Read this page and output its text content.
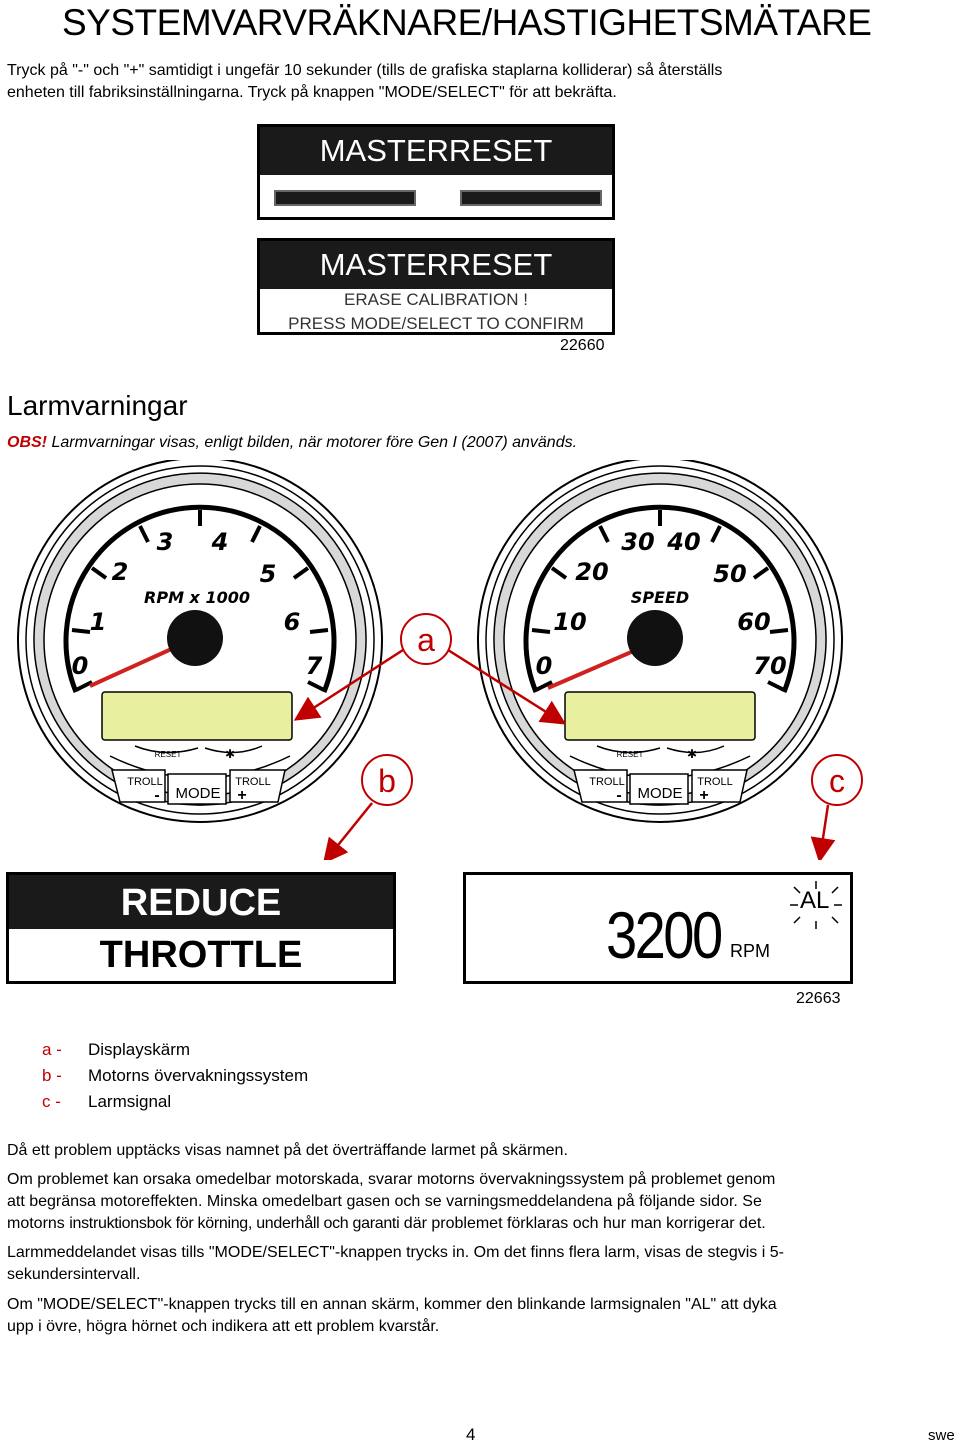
SYSTEMVARVRÄKNARE/HASTIGHETSMÄTARE
Tryck på "-" och "+" samtidigt i ungefär 10 sekunder (tills de grafiska staplarna kolliderar) så återställs
enheten till fabriksinställningarna. Tryck på knappen "MODE/SELECT" för att bekräfta.
MASTERRESET
MASTERRESET
ERASE CALIBRATION !
PRESS MODE/SELECT TO CONFIRM
22660
Larmvarningar
OBS! Larmvarningar visas, enligt bilden, när motorer före Gen I (2007) används.
0
1
2
3 4
5
6
7
RPM x 1000
RESET	✱
TROLL
- MODE
TROLL
+
0
10
20
30 40
50
60
70
SPEED
RESET	✱
TROLL
- MODE
TROLL
+
a
b	c
REDUCE
THROTTLE	3200 RPM
AL
22663
a -	Displayskärm
b -	Motorns övervakningssystem
c -	Larmsignal
Då ett problem upptäcks visas namnet på det överträffande larmet på skärmen.
Om problemet kan orsaka omedelbar motorskada, svarar motorns övervakningssystem på problemet genom
att begränsa motoreffekten. Minska omedelbart gasen och se varningsmeddelandena på följande sidor. Se
motorns instruktionsbok för körning, underhåll och garanti där problemet förklaras och hur man korrigerar det.
Larmmeddelandet visas tills "MODE/SELECT"-knappen trycks in. Om det finns flera larm, visas de stegvis i 5-
sekundersintervall.
Om "MODE/SELECT"-knappen trycks till en annan skärm, kommer den blinkande larmsignalen "AL" att dyka
upp i övre, högra hörnet och indikera att ett problem kvarstår.
4	swe
